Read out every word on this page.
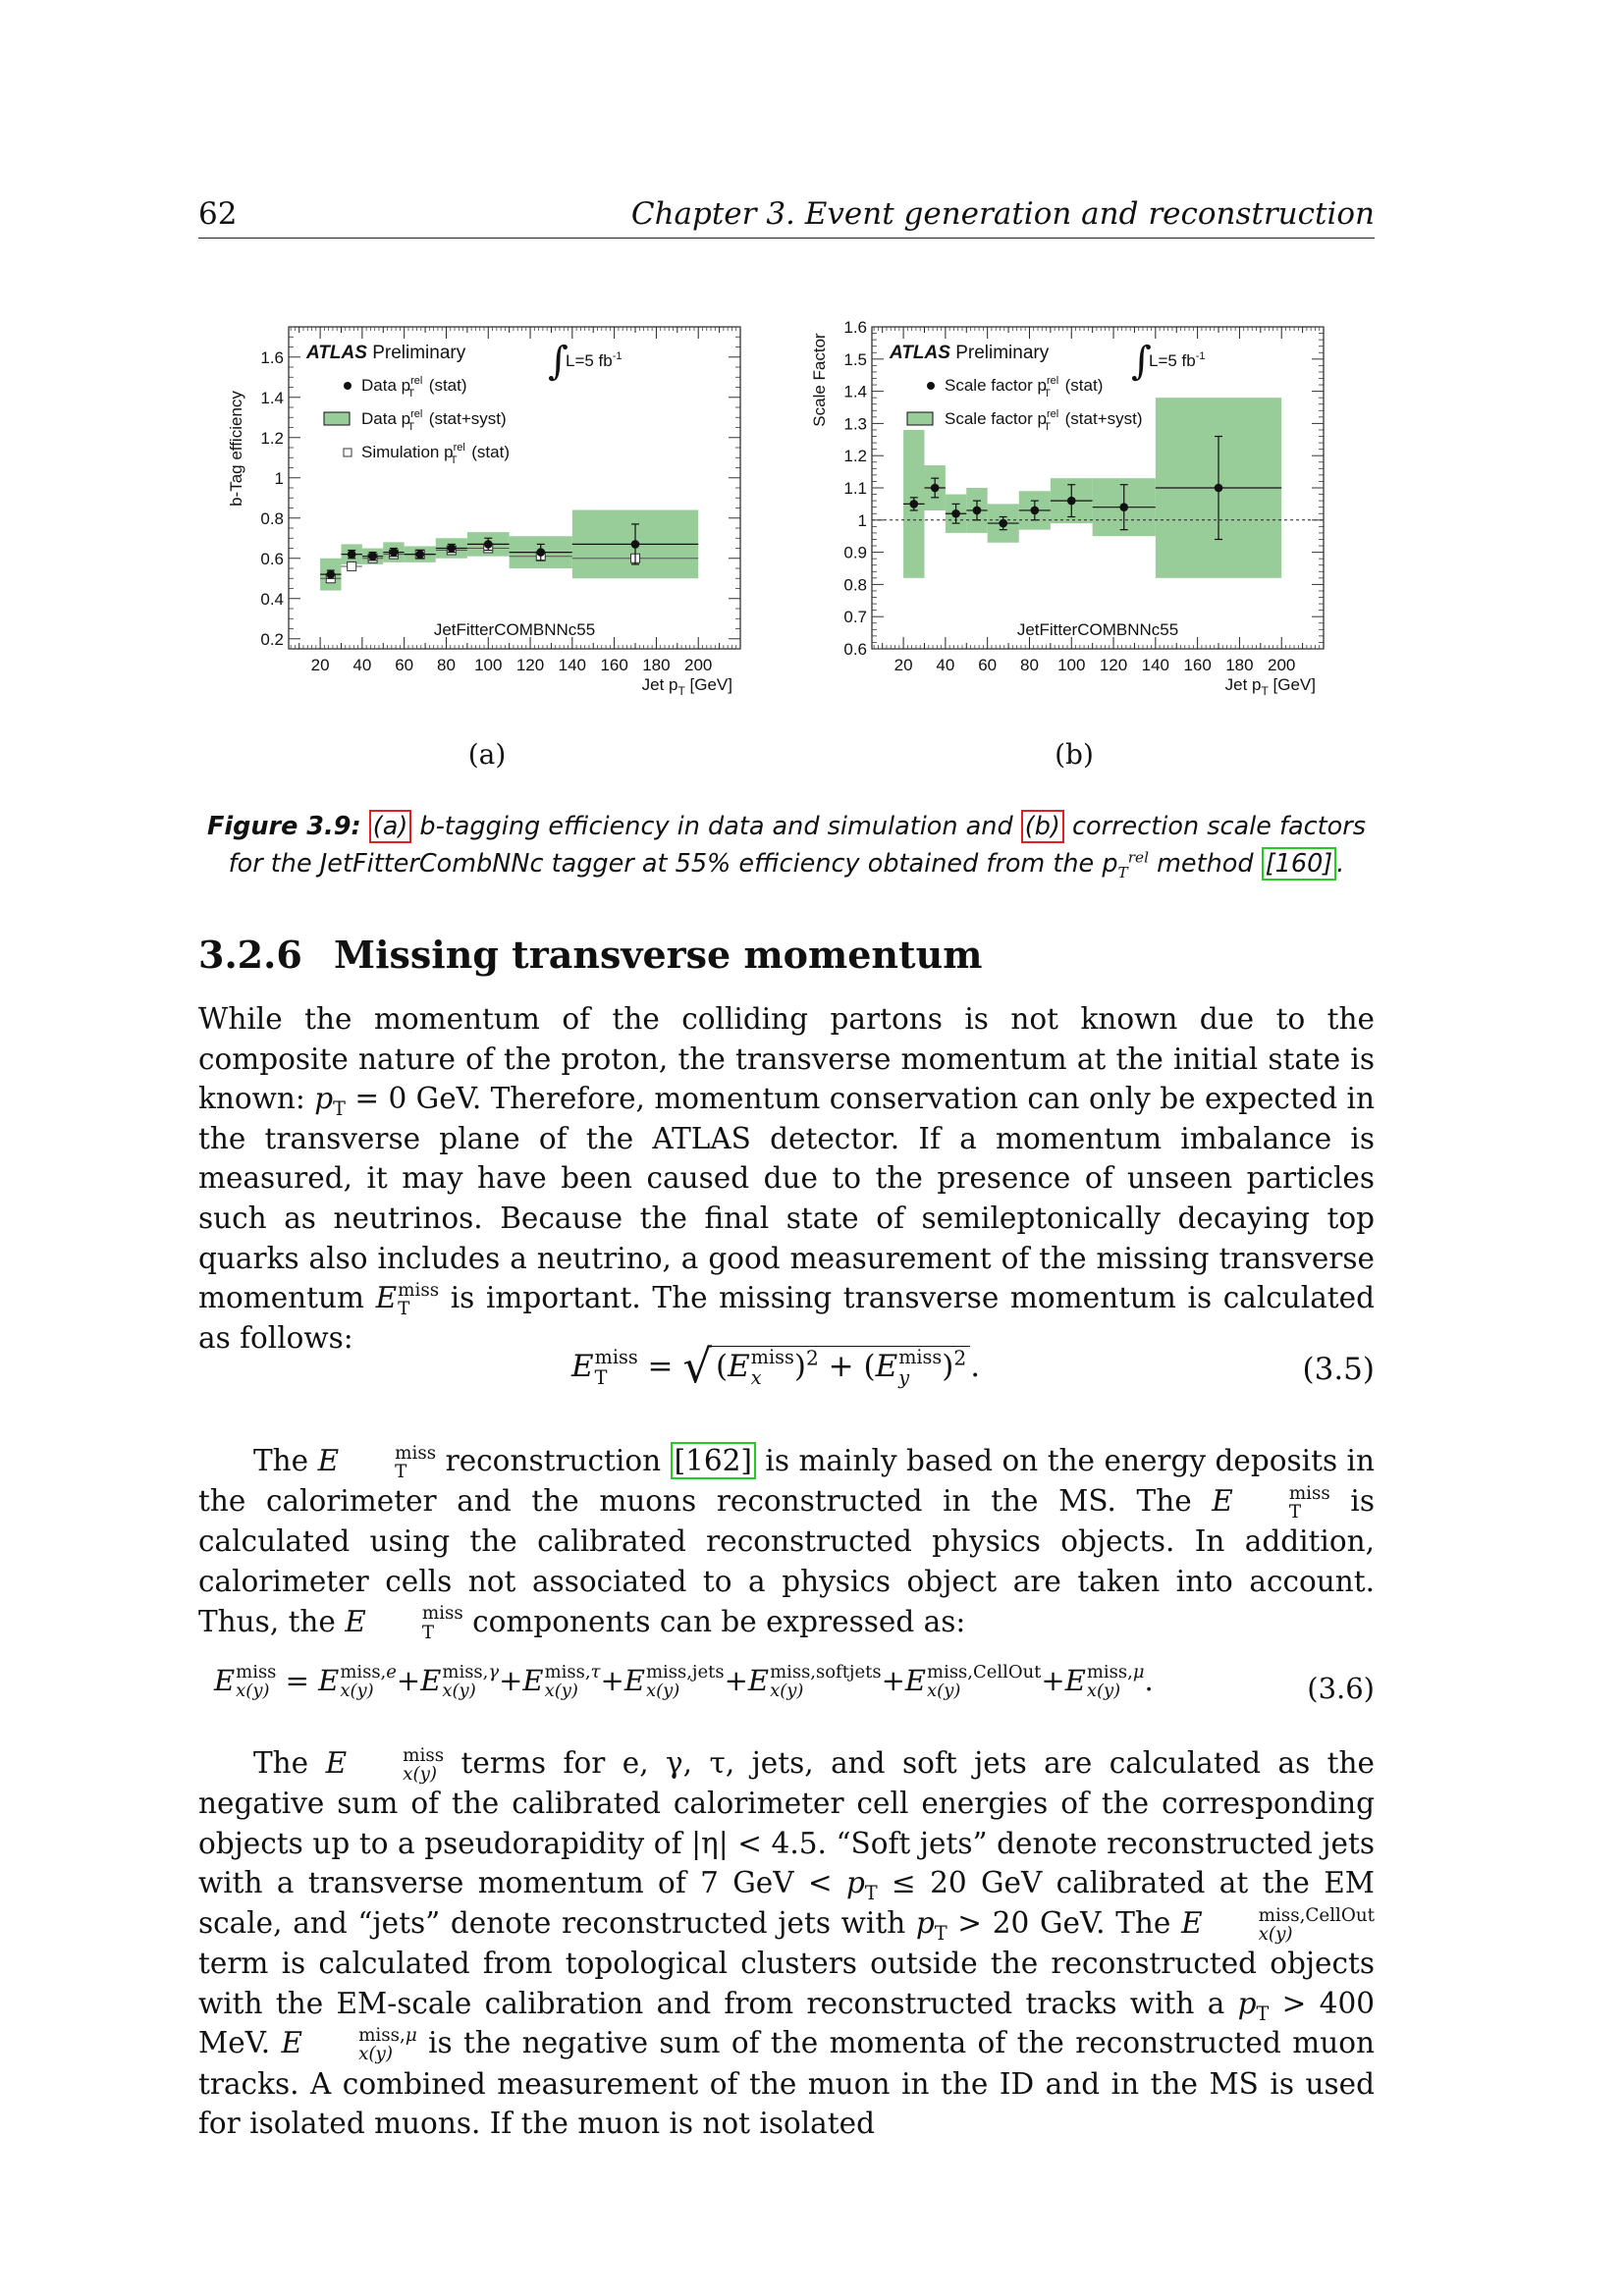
62	Chapter 3. Event generation and reconstruction
20 40 60 80 100 120 140 160 180 200
0.2
0.4
0.6
0.8
1
1.2
1.4
1.6
b-Tag efficiency
Jet $p_T$ [GeV]
ATLAS Preliminary ∫
L=5 $fb^{-1}$
JetFitterCOMBNNc55
Data $p^{rel}$ T (stat)
Data $p^{rel}$ T (stat+syst)
Simulation $p^{rel}$ T (stat)
(a)
20 40 60 80 100 120 140 160 180 200
0.6
0.7
0.8
0.9
1
1.1
1.2
1.3
1.4
1.5
1.6
Scale Factor
Jet $p_T$ [GeV]
ATLAS Preliminary ∫
L=5 $fb^{-1}$
JetFitterCOMBNNc55
Scale factor $p^{rel}$ T (stat)
Scale factor $p^{rel}$ T (stat+syst)
(b)
Figure 3.9: (a) b-tagging efficiency in data and simulation and (b) correction scale factors for the JetFitterCombNNc tagger at 55% efficiency obtained from the $p_T^{rel}$ method [160] .
3.2.6 Missing transverse momentum

While the momentum of the colliding partons is not known due to the composite nature of the proton, the transverse momentum at the initial state is known: $p_T = 0$ GeV. Therefore, momentum conservation can only be expected in the transverse plane of the ATLAS detector. If a momentum imbalance is measured, it may have been caused due to the presence of unseen particles such as neutrinos. Because the final state of semileptonically decaying top quarks also includes a neutrino, a good measurement of the missing transverse momentum E miss
T	is important. The missing transverse momentum is calculated as follows:

E miss
T	= √ (E miss
x	)$^2$ + (E miss
y	)$^2$ .	(3.5)

The E	miss
T	reconstruction [162] is mainly based on the energy deposits in the calorimeter and the muons reconstructed in the MS. The E	miss
T	is calculated using the calibrated reconstructed physics objects. In addition, calorimeter cells not associated to a physics object are taken into account. Thus, the E	miss
T	components can be expressed as:

E miss
x(y) = E miss,e
x(y) +E miss,γ
x(y) +E miss,τ
x(y) +E miss,jets
x(y)	+E miss,softjets
x(y)	+E miss,CellOut
x(y)	+E miss,μ
x(y) .	(3.6)

The E	miss
x(y) terms for e, γ, τ, jets, and soft jets are calculated as the negative sum of the calibrated calorimeter cell energies of the corresponding objects up to a pseudorapidity of |η| < 4.5. “Soft jets” denote reconstructed jets with a transverse momentum of 7 GeV < $p_T \le 20$ GeV calibrated at the EM scale, and “jets” denote reconstructed jets with $p_T > 20$ GeV. The E	miss,CellOut
x(y)
term is calculated from topological clusters outside the reconstructed objects with the EM-scale calibration and from reconstructed tracks with a $p_T > 400$ MeV. E	miss,μ
x(y) is the negative sum of the momenta of the reconstructed muon tracks. A combined measurement of the muon in the ID and in the MS is used for isolated muons. If the muon is not isolated
